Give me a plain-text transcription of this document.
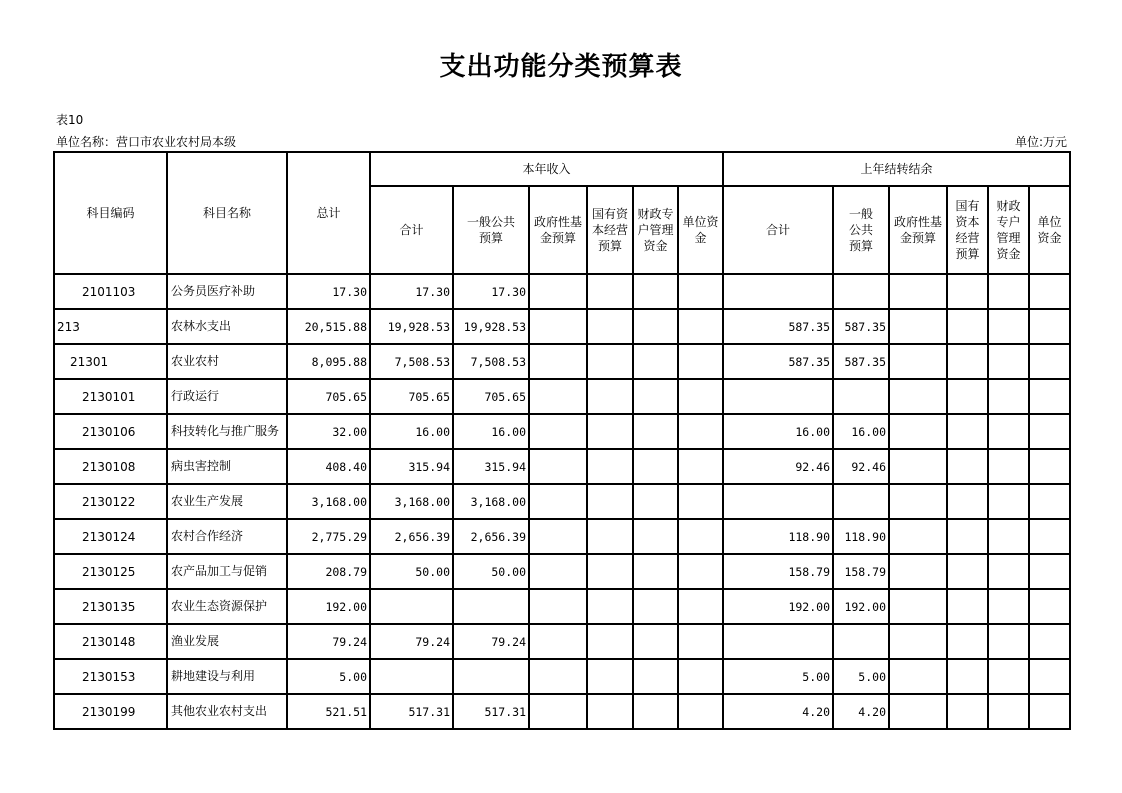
支出功能分类预算表
表10
单位名称：营口市农业农村局本级	单位:万元
科目编码	科目名称	总计	本年收入						上年结转结余					
			合计	一般公共预算	政府性基金预算	国有资本经营预算	财政专户管理资金	单位资金	合计	一般公共预算	政府性基金预算	国有资本经营预算	财政专户管理资金	单位资金
2101103	公务员医疗补助	17.30	17.30	17.30										
213	农林水支出	20,515.88	19,928.53	19,928.53					587.35	587.35				
21301	农业农村	8,095.88	7,508.53	7,508.53					587.35	587.35				
2130101	行政运行	705.65	705.65	705.65										
2130106	科技转化与推广服务	32.00	16.00	16.00					16.00	16.00				
2130108	病虫害控制	408.40	315.94	315.94					92.46	92.46				
2130122	农业生产发展	3,168.00	3,168.00	3,168.00										
2130124	农村合作经济	2,775.29	2,656.39	2,656.39					118.90	118.90				
2130125	农产品加工与促销	208.79	50.00	50.00					158.79	158.79				
2130135	农业生态资源保护	192.00							192.00	192.00				
2130148	渔业发展	79.24	79.24	79.24										
2130153	耕地建设与利用	5.00							5.00	5.00				
2130199	其他农业农村支出	521.51	517.31	517.31					4.20	4.20				
